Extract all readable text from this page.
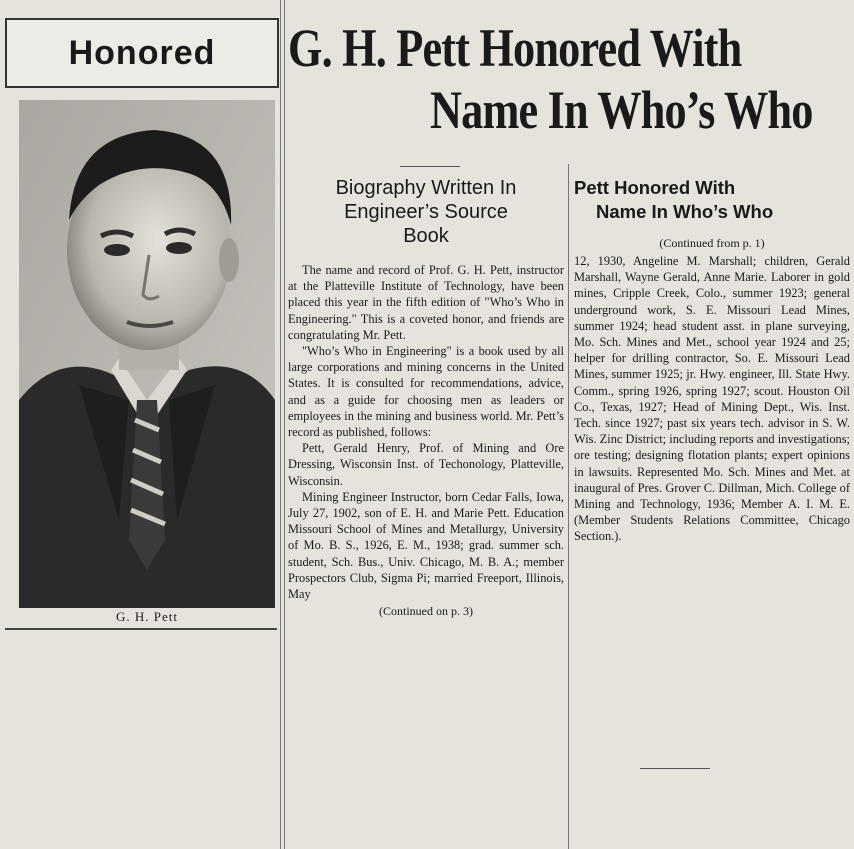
Honored
G. H. Pett
G. H. Pett Honored With
Name In Who’s Who
Biography Written In
Engineer’s Source
Book

The name and record of Prof. G. H. Pett, instructor at the Platteville Institute of Technology, have been placed this year in the fifth edition of "Who’s Who in Engineering." This is a coveted honor, and friends are congratulating Mr. Pett.

"Who’s Who in Engineering" is a book used by all large corporations and mining concerns in the United States. It is consulted for recommendations, advice, and as a guide for choosing men as leaders or employees in the mining and business world. Mr. Pett’s record as published, follows:

Pett, Gerald Henry, Prof. of Mining and Ore Dressing, Wisconsin Inst. of Techonology, Platteville, Wisconsin.

Mining Engineer Instructor, born Cedar Falls, Iowa, July 27, 1902, son of E. H. and Marie Pett. Education Missouri School of Mines and Metallurgy, University of Mo. B. S., 1926, E. M., 1938; grad. summer sch. student, Sch. Bus., Univ. Chicago, M. B. A.; member Prospectors Club, Sigma Pi; married Freeport, Illinois, May

(Continued on p. 3)
Pett Honored With
Name In Who’s Who
(Continued from p. 1)

12, 1930, Angeline M. Marshall; children, Gerald Marshall, Wayne Gerald, Anne Marie. Laborer in gold mines, Cripple Creek, Colo., summer 1923; general underground work, S. E. Missouri Lead Mines, summer 1924; head student asst. in plane surveying, Mo. Sch. Mines and Met., school year 1924 and 25; helper for drilling contractor, So. E. Missouri Lead Mines, summer 1925; jr. Hwy. engineer, Ill. State Hwy. Comm., spring 1926, spring 1927; scout. Houston Oil Co., Texas, 1927; Head of Mining Dept., Wis. Inst. Tech. since 1927; past six years tech. advisor in S. W. Wis. Zinc District; including reports and investigations; ore testing; designing flotation plants; expert opinions in lawsuits. Represented Mo. Sch. Mines and Met. at inaugural of Pres. Grover C. Dillman, Mich. College of Mining and Technology, 1936; Member A. I. M. E. (Member Students Relations Committee, Chicago Section.).
